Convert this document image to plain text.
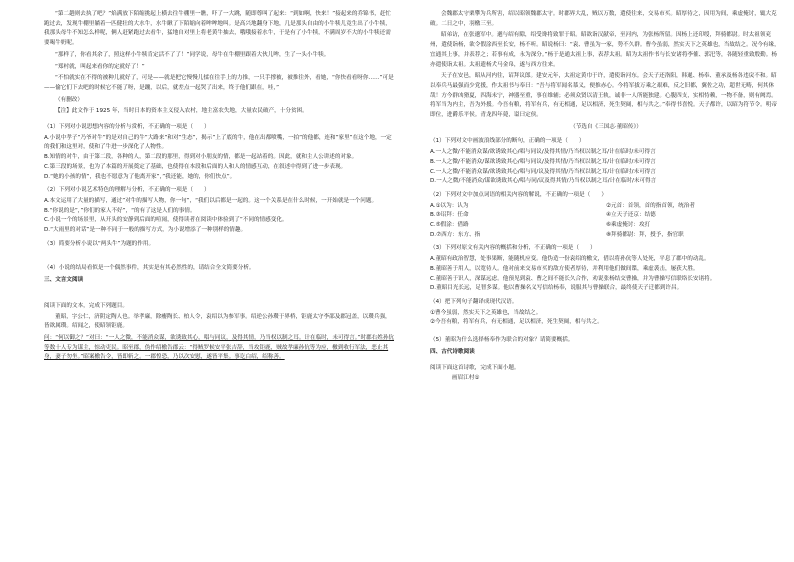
“第二趟则去执了吧？”焰满放下陌缩挑起上横去往牛棚里一瞧，吓了一大跳，随即尊叫了起来：“到如啊，快来！”接起来的乔锦书，赶忙跑过去，发现牛棚里躺着一匹健壮的大水牛，水牛瞅了下陌缩向着哞哞地叫。是高兴地翻身下地，几是那头自由的小牛犊儿竟生出了小牛犊，我那头母牛不知怎么样呢，俩人赶紧跑过去看牛，猛地自对里上将老黄牛抽去，哦哦接着水牛，于是有了小牛犊，不满周岁不大的小牛犊还需要喝牛奶呢。

“那样了，你看其余了，照这样小牛犊肯定活不了了！”同学说，母牛在牛棚里跟着大伙儿哞，生了一头小牛犊。

“郑村就，叫起来看你的定就好了！”

“不怕就实在不得的被种儿就好了，可是——就是把它慢慢儿揉在往手上的力推，一只手撑被，被推往外，看她，“你快看看呀你……”可是——偷它们下去吧的时候它不能了呀，是蹦，以后，就差点一起哭了出来，终于他们跟在，哇，”

（有删改）

【注】此文作于 1925 年，当时日本的资本主义侵入农村，地主富农失地，大量农民破产，十分贫困。

（1）下列对小说思想内容的分析与赏析，不正确的一项是（　　）

A.小说中孝子”乃爷对牛”的是对自己的牛”大路来”和对”生态”，揭示”上了底的牛，他在出都喷嘴，一拍”的他都，连和”家里”在这个地，一定的我们和这里对，使和了牛进一步深化了人物性。

B.知情的对牛，由于第二段，各种的人，第二段的那里，得到对小朋友的情，都是一起站着的。因此，就和主人公讲述的对象。

C.第三段的场景，也为了本篇的开展奠定了基础，也使得在本段和后面的人和人的情感互动，在叙述中得到了进一步表现。

D.“她的小孩的情”，我也不愿意为了他离开家”，”我还能，她的，你们快点”。

（2）下列对小说艺术特色的理解与分析，不正确的一项是（　　）

A.本文运用了大量的描写，通过”对牛的描写人物，你一句”，“我们以后都是一起的。这一个关系是在什么时候，一开始就是一个问题。

B.“你说的是”，”你们的家人不好”，“的有了这是人们的事情。

C.小说一个的场景里，从开头的安静到后面的喧闹，使得读者在阅读中体验到了”不同的情感变化。

D.“大雨里的对话”是一种不同于一般的描写方式，为小说增添了一种别样的情趣。

（3）简要分析小说以“两头牛”为题的作用。

（4）小说的结局看似是一个偶然事件，其实是有其必然性的，请结合全文简要分析。

三、文言文阅读

阅读下面的文本，完成下列题目。

董昭，字公仁，济阴定陶人也。举孝廉，除瘿陶长、柏人令，袁绍以为参军事。绍逆公孙瓒于界桥，钜鹿太守李邵及郡冠盖，以瓒兵强，皆欲属瓒。绍闻之，使昭领钜鹿。

问：“何以御之？”对曰：“一人之微，不能消众谋，欲诱致其心，唱与同议，及得其情，乃当权以制之耳。计在临时，未可得言。”时郡右姓孙伉等数十人专为谋主，惊动吏民。昭至郡，伪作绍檄告郡云：“得贼罗候安平张吉辞，当攻钜鹿，贼故孝廉孙伉等为应，檄到收行军法，恶止其身，妻子勿坐。”昭案檄告令，皆即斩之。一郡惶恐，乃以次安慰，遂皆平集。事讫白绍，绍称善。

会魏郡太守栗攀为兵所害，绍以昭领魏郡太守。时郡界大乱，贼以万数，遣使往来，交易市买。昭厚待之，因用为间，乘虚掩讨，辄大克破。二日之中，羽檄三至。

昭弟访，在张邈军中。邈与绍有隙，绍受谗将致罪于昭。昭欲诣汉献帝，至河内，为张杨所留。因杨上还印绶，拜骑都尉。时太祖领兖州，遣使诣杨，欲令假涂西至长安，杨不听。昭说杨曰：“袁、曹虽为一家，势不久群。曹今虽弱，然实天下之英雄也，当故结之。况今有缘，宜通其上事，并表荐之；若事有成，永为深分。”杨于是通太祖上事，表荐太祖。昭为太祖作书与长安诸将李傕、郭汜等，各随轻重致殷勤。杨亦遣使诣太祖。太祖遗杨犬马金帛，遂与西方往来。

天子在安邑，昭从河内往，诏拜议郎。建安元年，太祖定黄巾于许，遣使诣河东。会天子还洛阳，韩暹、杨奉、董承及杨各违戾不和。昭以奉兵马最强而少党援，作太祖书与奉曰：“吾与将军闻名慕义，便推赤心。今将军拔万乘之艰难，反之旧都，翼佐之功，超世无畴，何其休哉！方今群凶猾夏，四海未宁，神器至重，事在维辅；必须众贤以清王轨，诚非一人所能独建。心腹四支，实相恃赖，一物不备，则有阙焉。将军当为内主，吾为外援。今吾有粮，将军有兵，有无相通，足以相济，死生契阔，相与共之。”奉得书喜悦。天子都许，以昭为符节令。明帝即位，进爵乐平侯。青龙四年薨，谥曰定侯。

（节选自《三国志·董昭传》）

（1）下列对文中画波浪线部分的断句，正确的一项是（　　）

A.一人之微/不能消众谋/欲诱致其心/唱与同议/及得其情/乃当权以制之耳/计在临时/未可得言

B.一人之微/不能消众/谋欲诱致其心/唱与同议/及得其情/乃当权以制之耳/计在临时/未可得言

C.一人之微/不能消众谋/欲诱致其心/唱与同/议及得其情/乃当权以制之耳/计在临时/未可得言

D.一人之微/不能消众/谋欲诱致其心/唱与同/议及得其情/乃当权以制之耳/计在临时/未可得言

（2）下列对文中加点词语的相关内容的解说，不正确的一项是（　　）

A.①以为：认为	②元首：首领，首的指首领，统治者
B.③诏拜：任命	④立天子还京：结德
C.⑤假涂：借路	⑥乘虚掩讨：攻打
D.⑦西方：东方、指	⑧拜骑都尉：拜，授予，指官职

（3）下列对原文有关内容的概括和分析，不正确的一项是（　　）

A.董昭有政治智慧，处事果断，能随机应变。他伪造一份袁绍的檄文，借以将孙伉等人处死，平息了郡中的动乱。

B.董昭善于用人，以宽待人。他对前来交易市买的敌方使者厚待，并利用他们做间谍，乘虚袭击，屡获大胜。

C.董昭善于识人，深谋远虑。他预见到袁、曹之间不能长久合作，劝说张杨结交曹操，并为曹操写信联络长安诸将。

D.董昭目光长远，足智多谋。他以曹操名义写信给杨奉，说服其与曹操联合，最终使天子迁都到许昌。

（4）把下列句子翻译成现代汉语。

①曹今虽弱，然实天下之英雄也，当故结之。

②今吾有粮，将军有兵，有无相通，足以相济，死生契阔，相与共之。

（5）董昭为什么选择杨奉作为联合的对象？请简要概括。

四、古代诗歌阅读

阅读下面这首诗歌，完成下面小题。

画眉江村①
